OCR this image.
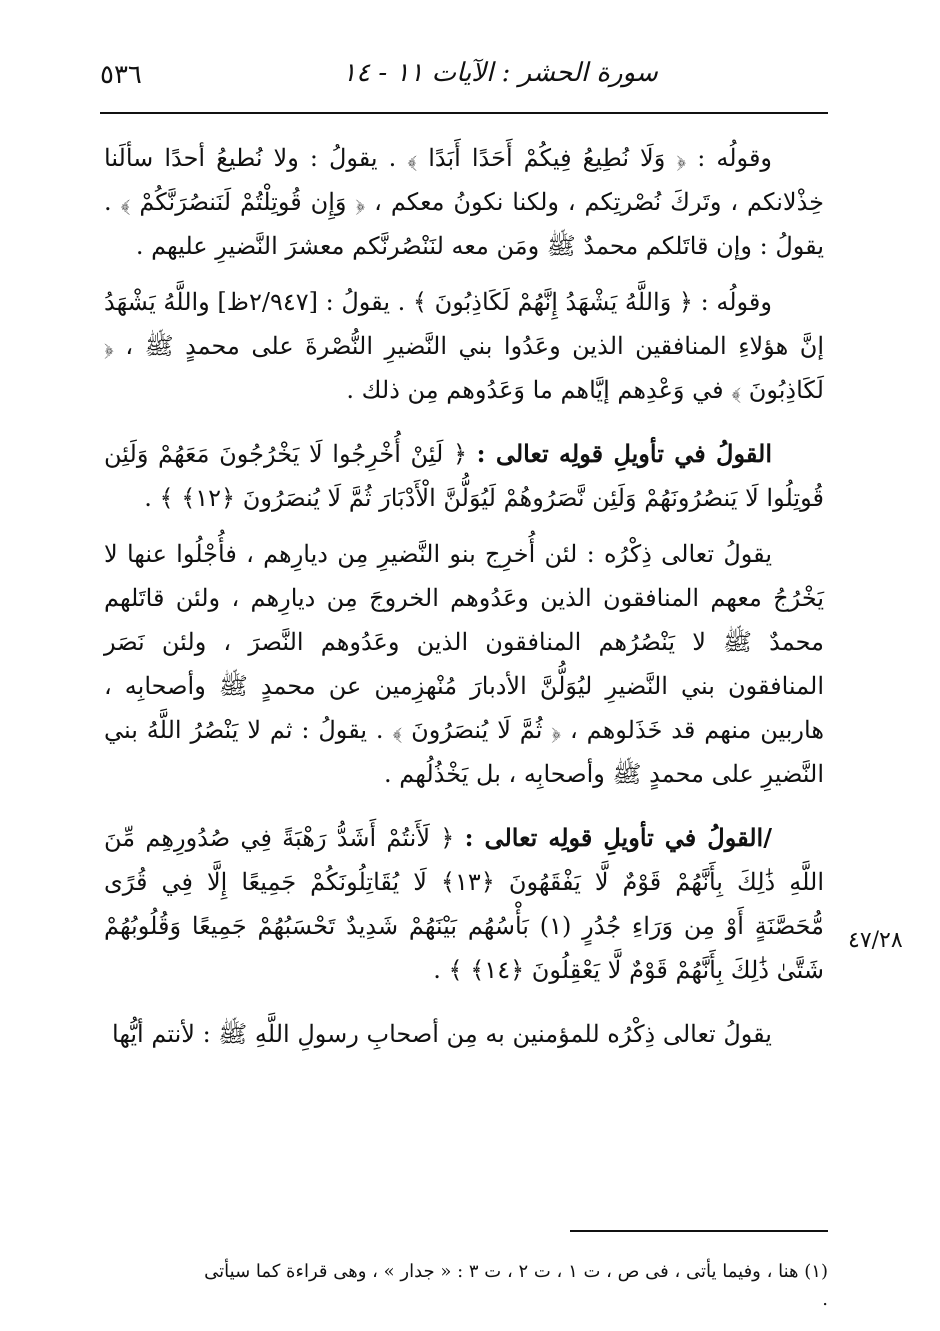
٥٣٦	سورة الحشر : الآيات ١١ - ١٤
٤٧/٢٨

وقولُه : ﴿ وَلَا نُطِيعُ فِيكُمْ أَحَدًا أَبَدًا ﴾ . يقولُ : ولا نُطيعُ أحدًا سألَنا خِذْلانكم ، وتَركَ نُصْرتِكم ، ولكنا نكونُ معكم ، ﴿ وَإِن قُوتِلْتُمْ لَنَنصُرَنَّكُمْ ﴾ . يقولُ : وإن قاتَلكم محمدٌ ﷺ ومَن معه لنَنْصُرنَّكم معشرَ النَّضيرِ عليهم .

وقولُه : ﴿ وَاللَّهُ يَشْهَدُ إِنَّهُمْ لَكَاذِبُونَ ﴾ . يقولُ : [٢/٩٤٧ظ] واللَّهُ يَشْهَدُ إنَّ هؤلاءِ المنافقين الذين وعَدُوا بني النَّضيرِ النُّصْرةَ على محمدٍ ﷺ ، ﴿ لَكَاذِبُونَ ﴾ في وَعْدِهم إيَّاهم ما وَعَدُوهم مِن ذلك .

القولُ في تأويلِ قولِه تعالى : ﴿ لَئِنْ أُخْرِجُوا لَا يَخْرُجُونَ مَعَهُمْ وَلَئِن قُوتِلُوا لَا يَنصُرُونَهُمْ وَلَئِن نَّصَرُوهُمْ لَيُوَلُّنَّ الْأَدْبَارَ ثُمَّ لَا يُنصَرُونَ ﴿١٢﴾ ﴾ .

يقولُ تعالى ذِكْرُه : لئن أُخرِج بنو النَّضيرِ مِن ديارِهم ، فأُجْلُوا عنها لا يَخْرُجُ معهم المنافقون الذين وعَدُوهم الخروجَ مِن ديارِهم ، ولئن قاتَلهم محمدٌ ﷺ لا يَنْصُرُهم المنافقون الذين وعَدُوهم النَّصرَ ، ولئن نَصَر المنافقون بني النَّضيرِ ليُوَلُّنَّ الأدبارَ مُنْهزِمين عن محمدٍ ﷺ وأصحابِه ، هاربين منهم قد خَذَلوهم ، ﴿ ثُمَّ لَا يُنصَرُونَ ﴾ . يقولُ : ثم لا يَنْصُرُ اللَّهُ بني النَّضيرِ على محمدٍ ﷺ وأصحابِه ، بل يَخْذُلُهم .

/القولُ في تأويلِ قولِه تعالى : ﴿ لَأَنتُمْ أَشَدُّ رَهْبَةً فِي صُدُورِهِم مِّنَ اللَّهِ ذَٰلِكَ بِأَنَّهُمْ قَوْمٌ لَّا يَفْقَهُونَ ﴿١٣﴾ لَا يُقَاتِلُونَكُمْ جَمِيعًا إِلَّا فِي قُرًى مُّحَصَّنَةٍ أَوْ مِن وَرَاءِ جُدُرٍ (١) بَأْسُهُم بَيْنَهُمْ شَدِيدٌ تَحْسَبُهُمْ جَمِيعًا وَقُلُوبُهُمْ شَتَّىٰ ذَٰلِكَ بِأَنَّهُمْ قَوْمٌ لَّا يَعْقِلُونَ ﴿١٤﴾ ﴾ .

يقولُ تعالى ذِكْرُه للمؤمنين به مِن أصحابِ رسولِ اللَّهِ ﷺ : لأنتم أيُّها

(١) هنا ، وفيما يأتى ، فى ص ، ت ١ ، ت ٢ ، ت ٣ : « جدار » ، وهى قراءة كما سيأتى .
